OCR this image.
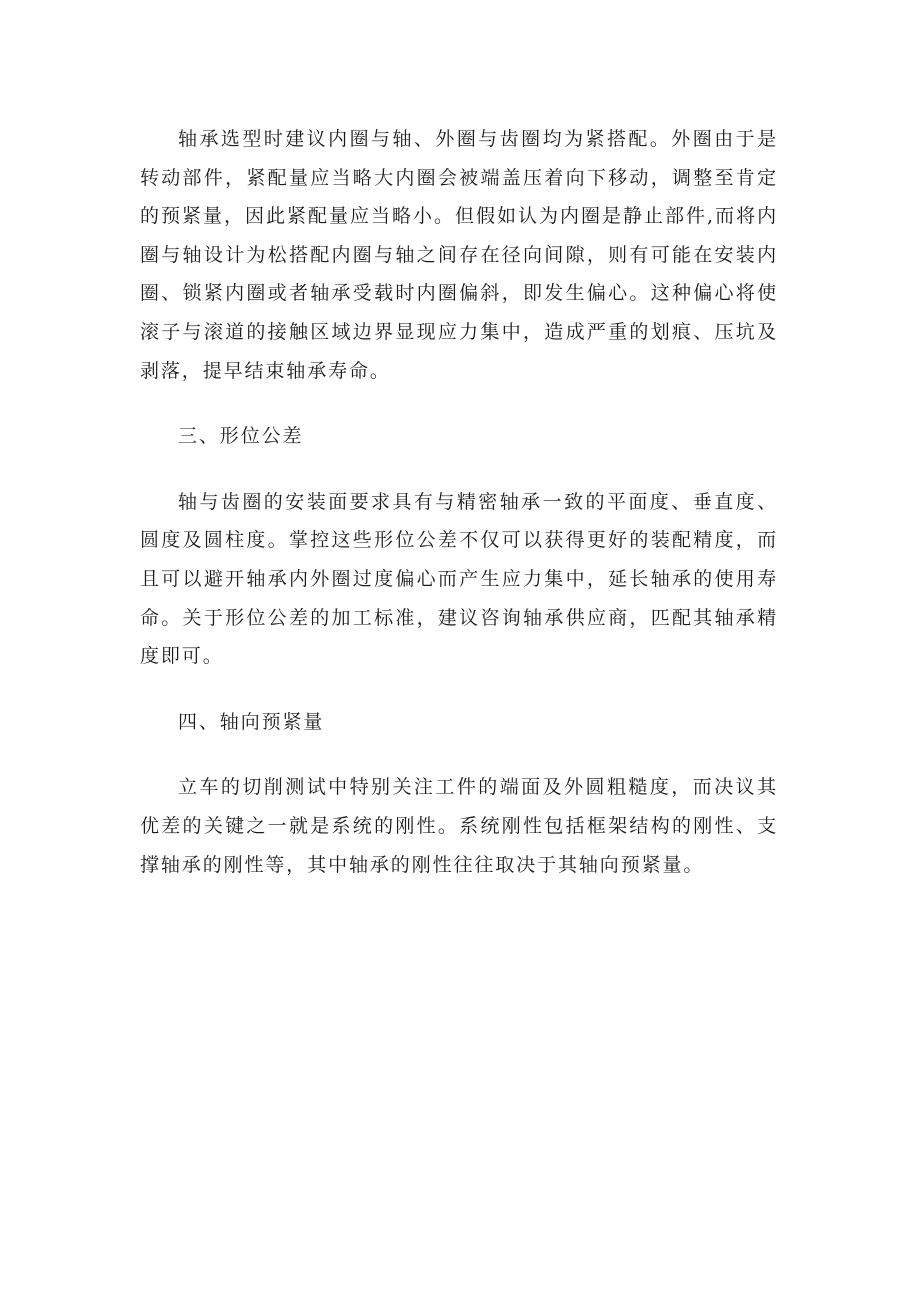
轴承选型时建议内圈与轴、外圈与齿圈均为紧搭配。外圈由于是转动部件，紧配量应当略大内圈会被端盖压着向下移动，调整至肯定的预紧量，因此紧配量应当略小。但假如认为内圈是静止部件,而将内圈与轴设计为松搭配内圈与轴之间存在径向间隙，则有可能在安装内圈、锁紧内圈或者轴承受载时内圈偏斜，即发生偏心。这种偏心将使滚子与滚道的接触区域边界显现应力集中，造成严重的划痕、压坑及剥落，提早结束轴承寿命。

三、形位公差

轴与齿圈的安装面要求具有与精密轴承一致的平面度、垂直度、圆度及圆柱度。掌控这些形位公差不仅可以获得更好的装配精度，而且可以避开轴承内外圈过度偏心而产生应力集中，延长轴承的使用寿命。关于形位公差的加工标准，建议咨询轴承供应商，匹配其轴承精度即可。

四、轴向预紧量

立车的切削测试中特别关注工件的端面及外圆粗糙度，而决议其优差的关键之一就是系统的刚性。系统刚性包括框架结构的刚性、支撑轴承的刚性等，其中轴承的刚性往往取决于其轴向预紧量。
